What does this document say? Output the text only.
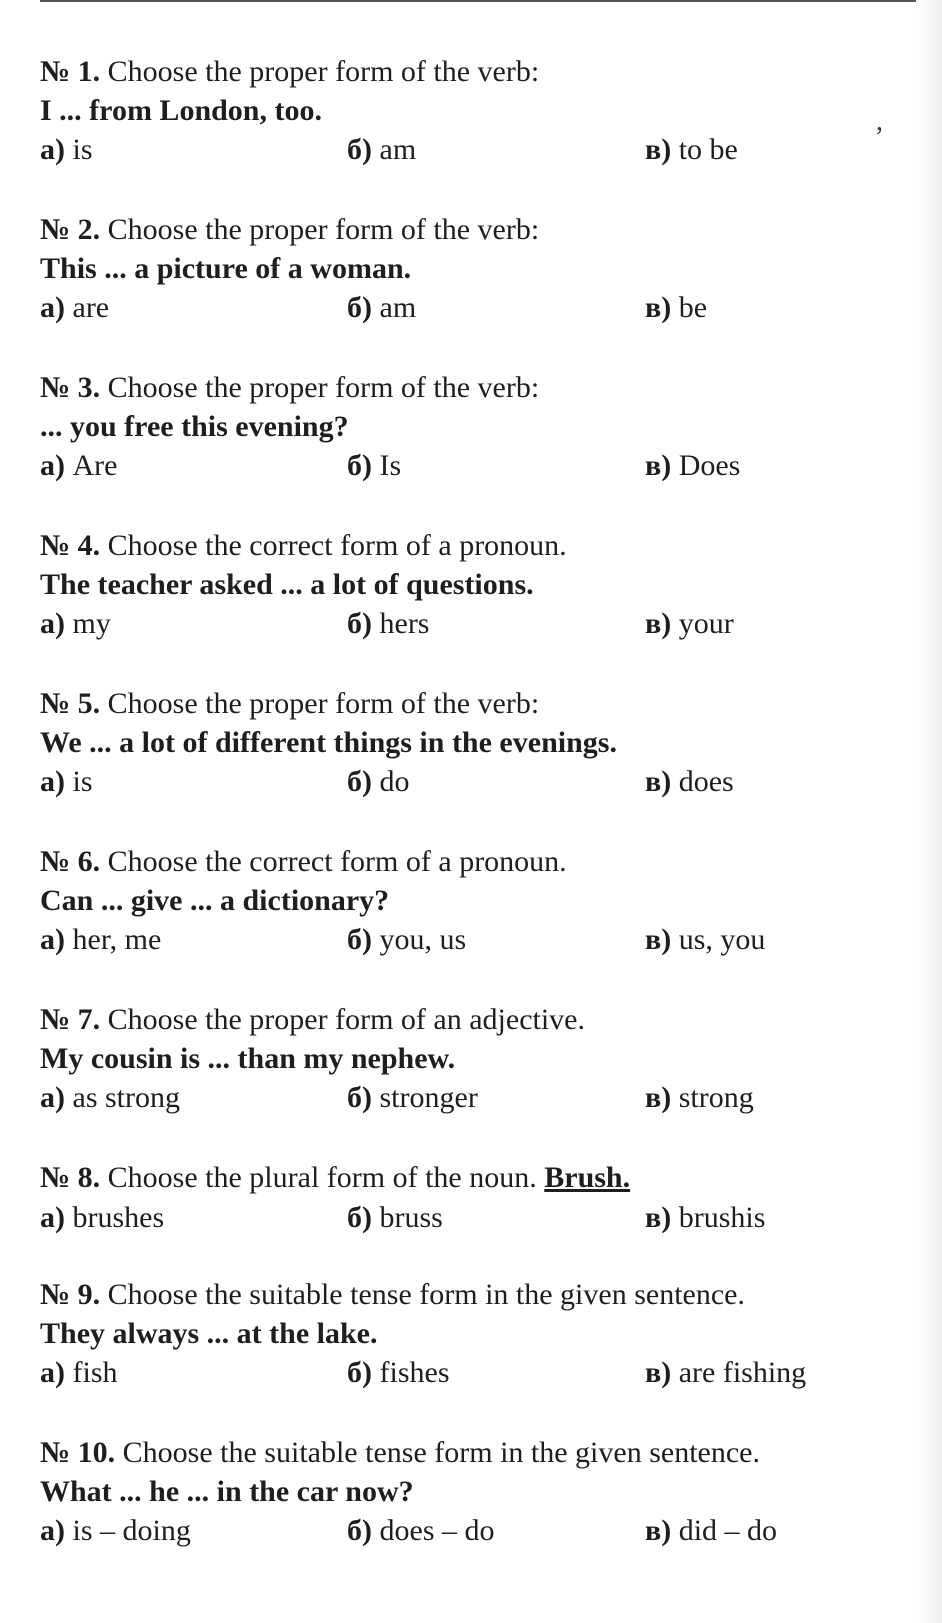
,
№ 1. Choose the proper form of the verb:
I ... from London, too.
а) is	б) am	в) to be
№ 2. Choose the proper form of the verb:
This ... a picture of a woman.
а) are	б) am	в) be
№ 3. Choose the proper form of the verb:
... you free this evening?
а) Are	б) Is	в) Does
№ 4. Choose the correct form of a pronoun.
The teacher asked ... a lot of questions.
а) my	б) hers	в) your
№ 5. Choose the proper form of the verb:
We ... a lot of different things in the evenings.
а) is	б) do	в) does
№ 6. Choose the correct form of a pronoun.
Can ... give ... a dictionary?
а) her, me	б) you, us	в) us, you
№ 7. Choose the proper form of an adjective.
My cousin is ... than my nephew.
а) as strong	б) stronger	в) strong
№ 8. Choose the plural form of the noun. Brush.
а) brushes	б) bruss	в) brushis
№ 9. Choose the suitable tense form in the given sentence.
They always ... at the lake.
а) fish	б) fishes	в) are fishing
№ 10. Choose the suitable tense form in the given sentence.
What ... he ... in the car now?
а) is – doing	б) does – do	в) did – do
